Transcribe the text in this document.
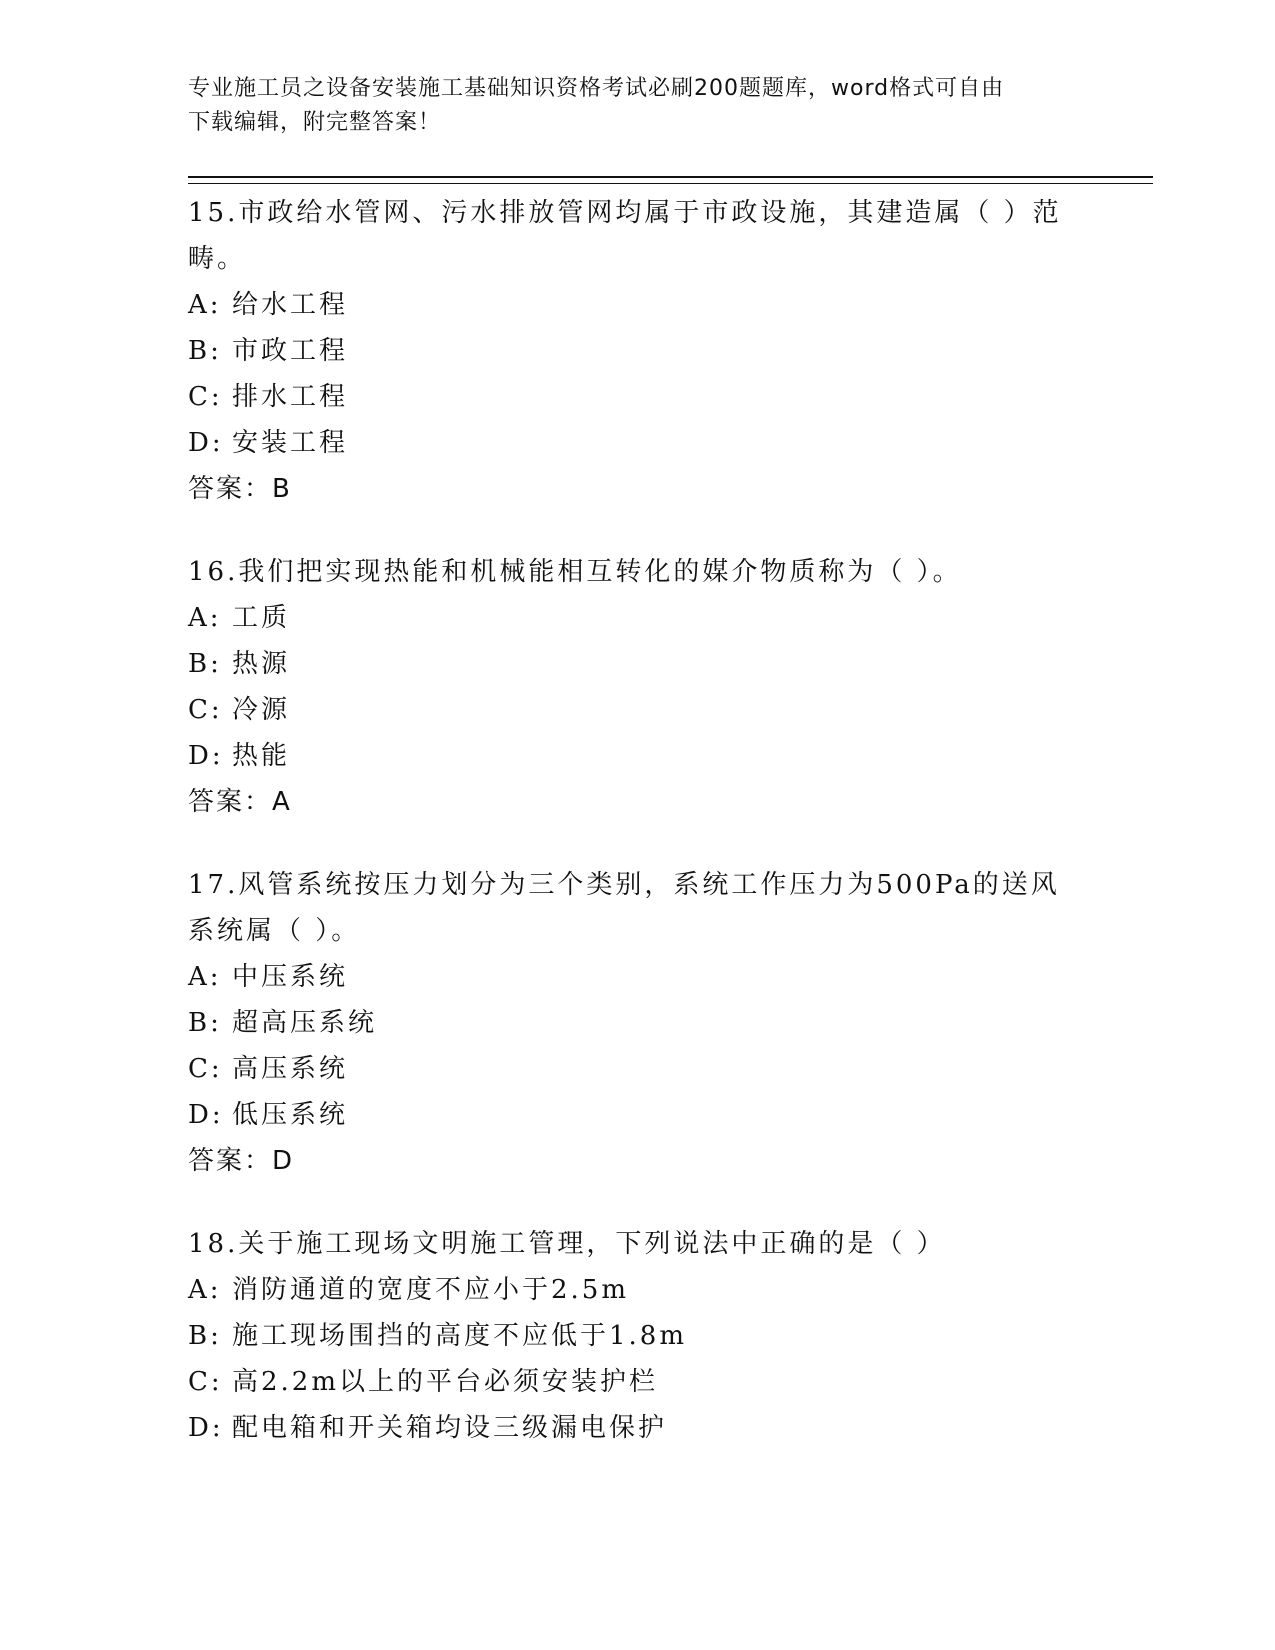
专业施工员之设备安装施工基础知识资格考试必刷200题题库，word格式可自由
下载编辑，附完整答案！

15.市政给水管网、污水排放管网均属于市政设施，其建造属（ ）范畴。

A: 给水工程

B: 市政工程

C: 排水工程

D: 安装工程

答案：B

16.我们把实现热能和机械能相互转化的媒介物质称为（ ）。

A: 工质

B: 热源

C: 冷源

D: 热能

答案：A

17.风管系统按压力划分为三个类别，系统工作压力为500Pa的送风系统属（ ）。

A: 中压系统

B: 超高压系统

C: 高压系统

D: 低压系统

答案：D

18.关于施工现场文明施工管理，下列说法中正确的是（ ）

A: 消防通道的宽度不应小于2.5m

B: 施工现场围挡的高度不应低于1.8m

C: 高2.2m以上的平台必须安装护栏

D: 配电箱和开关箱均设三级漏电保护
